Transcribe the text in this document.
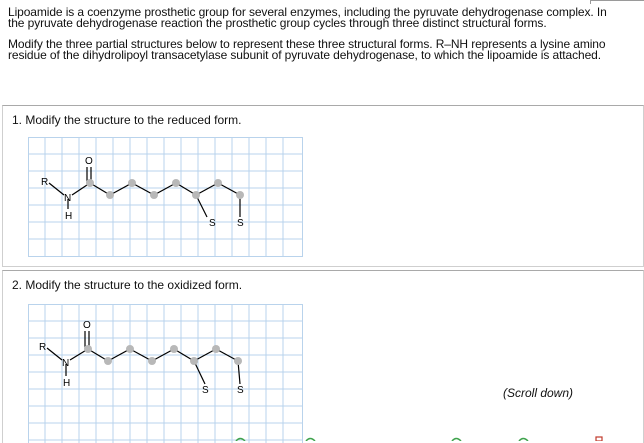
Lipoamide is a coenzyme prosthetic group for several enzymes, including the pyruvate dehydrogenase complex. In the pyruvate dehydrogenase reaction the prosthetic group cycles through three distinct structural forms.

Modify the three partial structures below to represent these three structural forms. R–NH represents a lysine amino residue of the dihydrolipoyl transacetylase subunit of pyruvate dehydrogenase, to which the lipoamide is attached.

1. Modify the structure to the reduced form.
R
N
H
O
S S
2. Modify the structure to the oxidized form.
R
N
H
O
S	S	(Scroll down)
